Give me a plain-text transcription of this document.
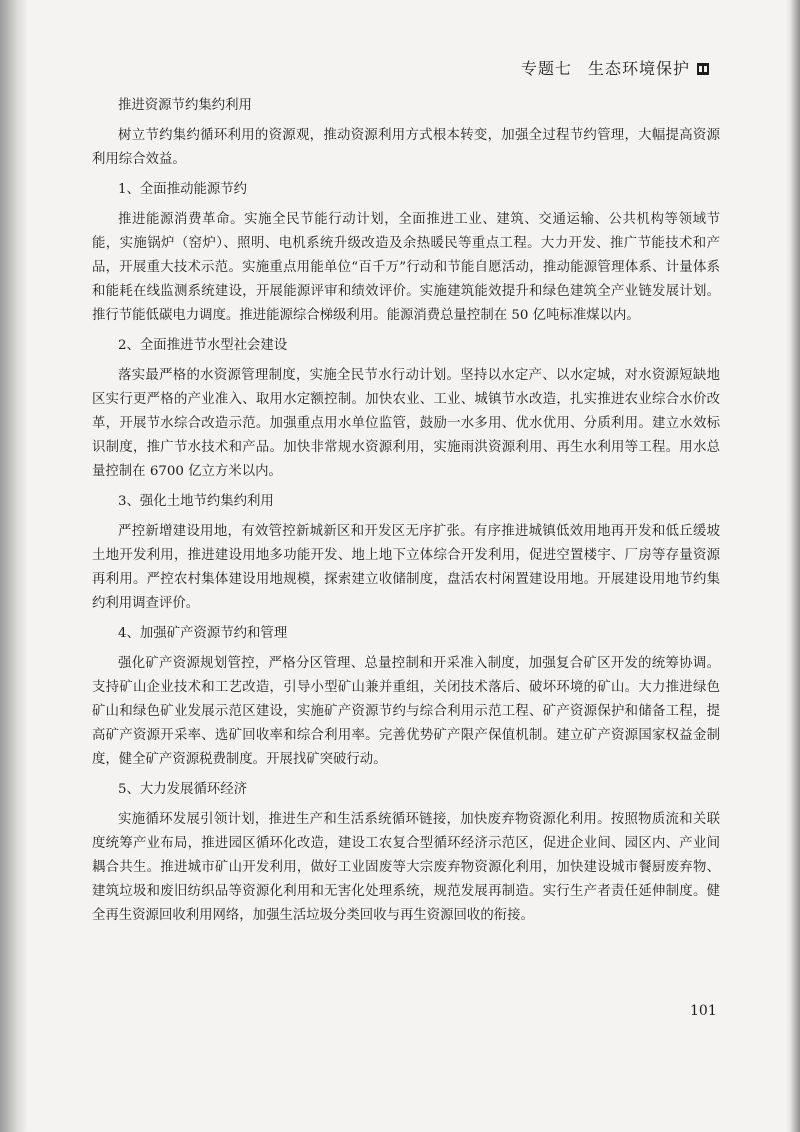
专题七 生态环境保护
推进资源节约集约利用
树立节约集约循环利用的资源观，推动资源利用方式根本转变，加强全过程节约管理，大幅提高资源利用综合效益。
1、全面推动能源节约
推进能源消费革命。实施全民节能行动计划，全面推进工业、建筑、交通运输、公共机构等领域节能，实施锅炉（窑炉）、照明、电机系统升级改造及余热暖民等重点工程。大力开发、推广节能技术和产品，开展重大技术示范。实施重点用能单位“百千万”行动和节能自愿活动，推动能源管理体系、计量体系和能耗在线监测系统建设，开展能源评审和绩效评价。实施建筑能效提升和绿色建筑全产业链发展计划。推行节能低碳电力调度。推进能源综合梯级利用。能源消费总量控制在 50 亿吨标准煤以内。
2、全面推进节水型社会建设
落实最严格的水资源管理制度，实施全民节水行动计划。坚持以水定产、以水定城，对水资源短缺地区实行更严格的产业准入、取用水定额控制。加快农业、工业、城镇节水改造，扎实推进农业综合水价改革，开展节水综合改造示范。加强重点用水单位监管，鼓励一水多用、优水优用、分质利用。建立水效标识制度，推广节水技术和产品。加快非常规水资源利用，实施雨洪资源利用、再生水利用等工程。用水总量控制在 6700 亿立方米以内。
3、强化土地节约集约利用
严控新增建设用地，有效管控新城新区和开发区无序扩张。有序推进城镇低效用地再开发和低丘缓坡土地开发利用，推进建设用地多功能开发、地上地下立体综合开发利用，促进空置楼宇、厂房等存量资源再利用。严控农村集体建设用地规模，探索建立收储制度，盘活农村闲置建设用地。开展建设用地节约集约利用调查评价。
4、加强矿产资源节约和管理
强化矿产资源规划管控，严格分区管理、总量控制和开采准入制度，加强复合矿区开发的统筹协调。支持矿山企业技术和工艺改造，引导小型矿山兼并重组，关闭技术落后、破坏环境的矿山。大力推进绿色矿山和绿色矿业发展示范区建设，实施矿产资源节约与综合利用示范工程、矿产资源保护和储备工程，提高矿产资源开采率、选矿回收率和综合利用率。完善优势矿产限产保值机制。建立矿产资源国家权益金制度，健全矿产资源税费制度。开展找矿突破行动。
5、大力发展循环经济
实施循环发展引领计划，推进生产和生活系统循环链接，加快废弃物资源化利用。按照物质流和关联度统筹产业布局，推进园区循环化改造，建设工农复合型循环经济示范区，促进企业间、园区内、产业间耦合共生。推进城市矿山开发利用，做好工业固废等大宗废弃物资源化利用，加快建设城市餐厨废弃物、建筑垃圾和废旧纺织品等资源化利用和无害化处理系统，规范发展再制造。实行生产者责任延伸制度。健全再生资源回收利用网络，加强生活垃圾分类回收与再生资源回收的衔接。
101
